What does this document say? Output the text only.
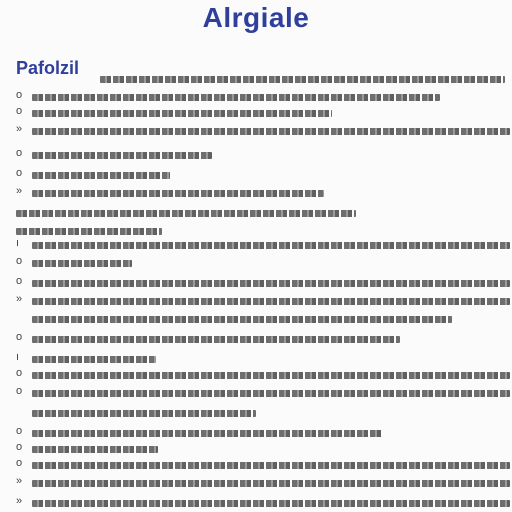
Alrgiale
Pafolzil
o
o
»
o
o
»
ı
o
o
»
o
ı
o
o
o
o
o
»
»
